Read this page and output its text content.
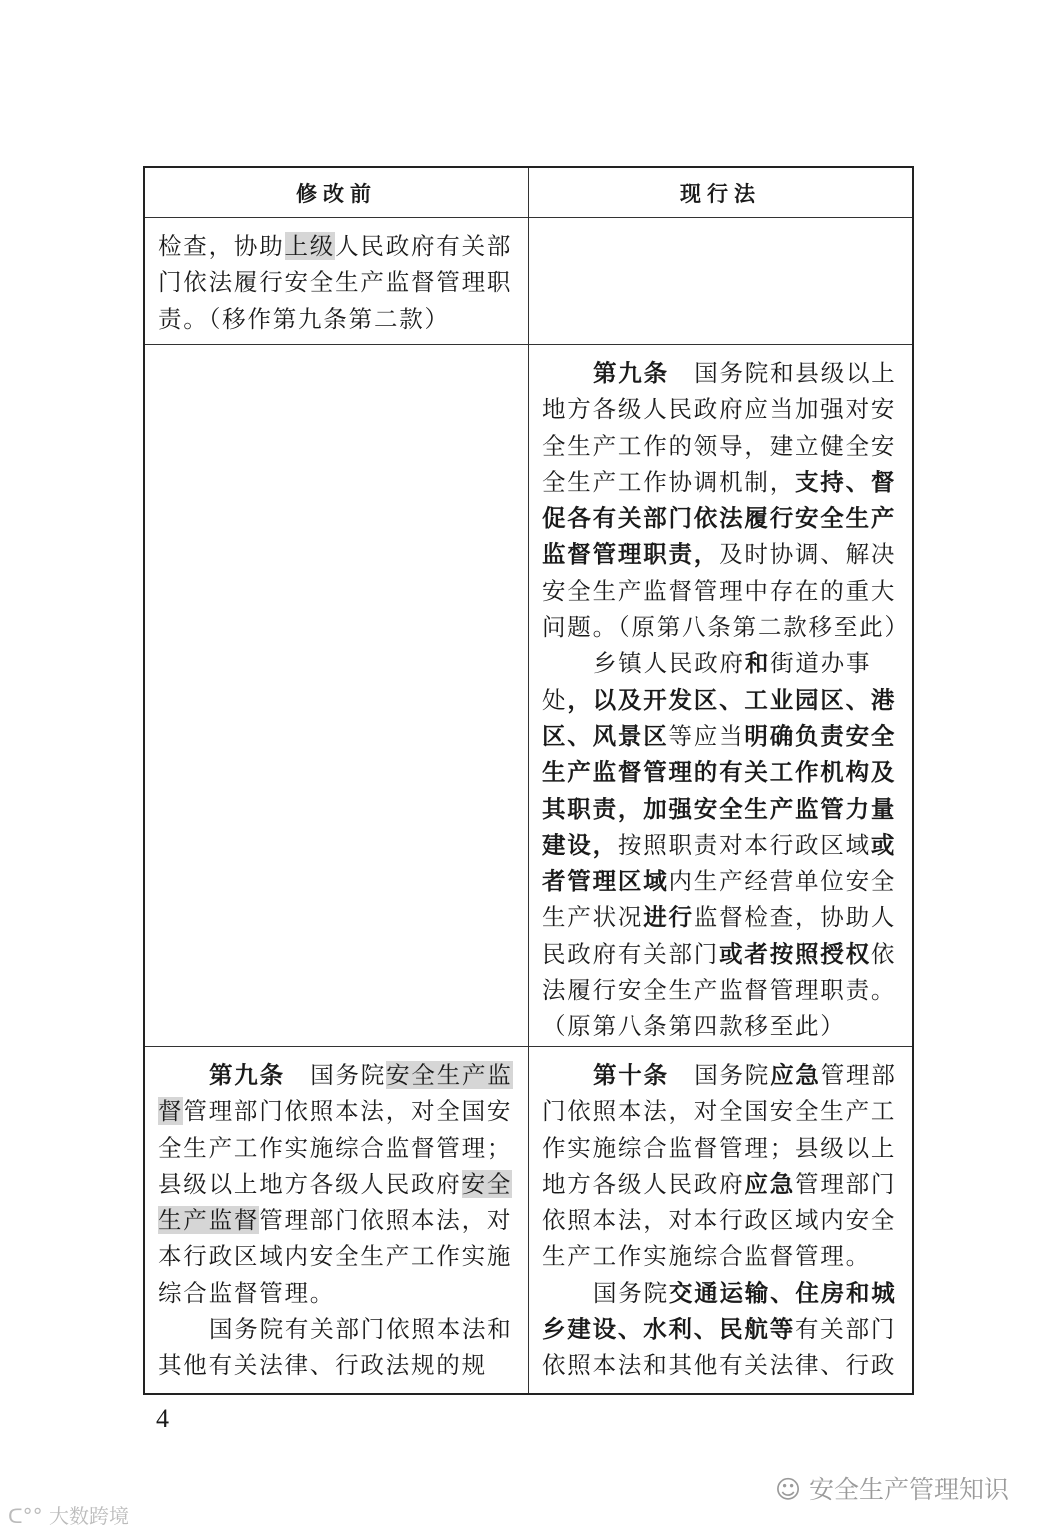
修改前	现行法
检查，协助上级人民政府有关部
门依法履行安全生产监督管理职
责。（移作第九条第二款）
第九条　国务院和县级以上
地方各级人民政府应当加强对安
全生产工作的领导，建立健全安
全生产工作协调机制，支持、督
促各有关部门依法履行安全生产
监督管理职责，及时协调、解决
安全生产监督管理中存在的重大
问题。（原第八条第二款移至此）
乡镇人民政府和街道办事
处，以及开发区、工业园区、港
区、风景区等应当明确负责安全
生产监督管理的有关工作机构及
其职责，加强安全生产监管力量
建设，按照职责对本行政区域或
者管理区域内生产经营单位安全
生产状况进行监督检查，协助人
民政府有关部门或者按照授权依
法履行安全生产监督管理职责。
（原第八条第四款移至此）
第九条　国务院安全生产监
督管理部门依照本法，对全国安
全生产工作实施综合监督管理；
县级以上地方各级人民政府安全
生产监督管理部门依照本法，对
本行政区域内安全生产工作实施
综合监督管理。
国务院有关部门依照本法和
其他有关法律、行政法规的规
第十条　国务院应急管理部
门依照本法，对全国安全生产工
作实施综合监督管理；县级以上
地方各级人民政府应急管理部门
依照本法，对本行政区域内安全
生产工作实施综合监督管理。
国务院交通运输、住房和城
乡建设、水利、民航等有关部门
依照本法和其他有关法律、行政
4
☺ 安全生产管理知识
ᑕ°° 大数跨境
